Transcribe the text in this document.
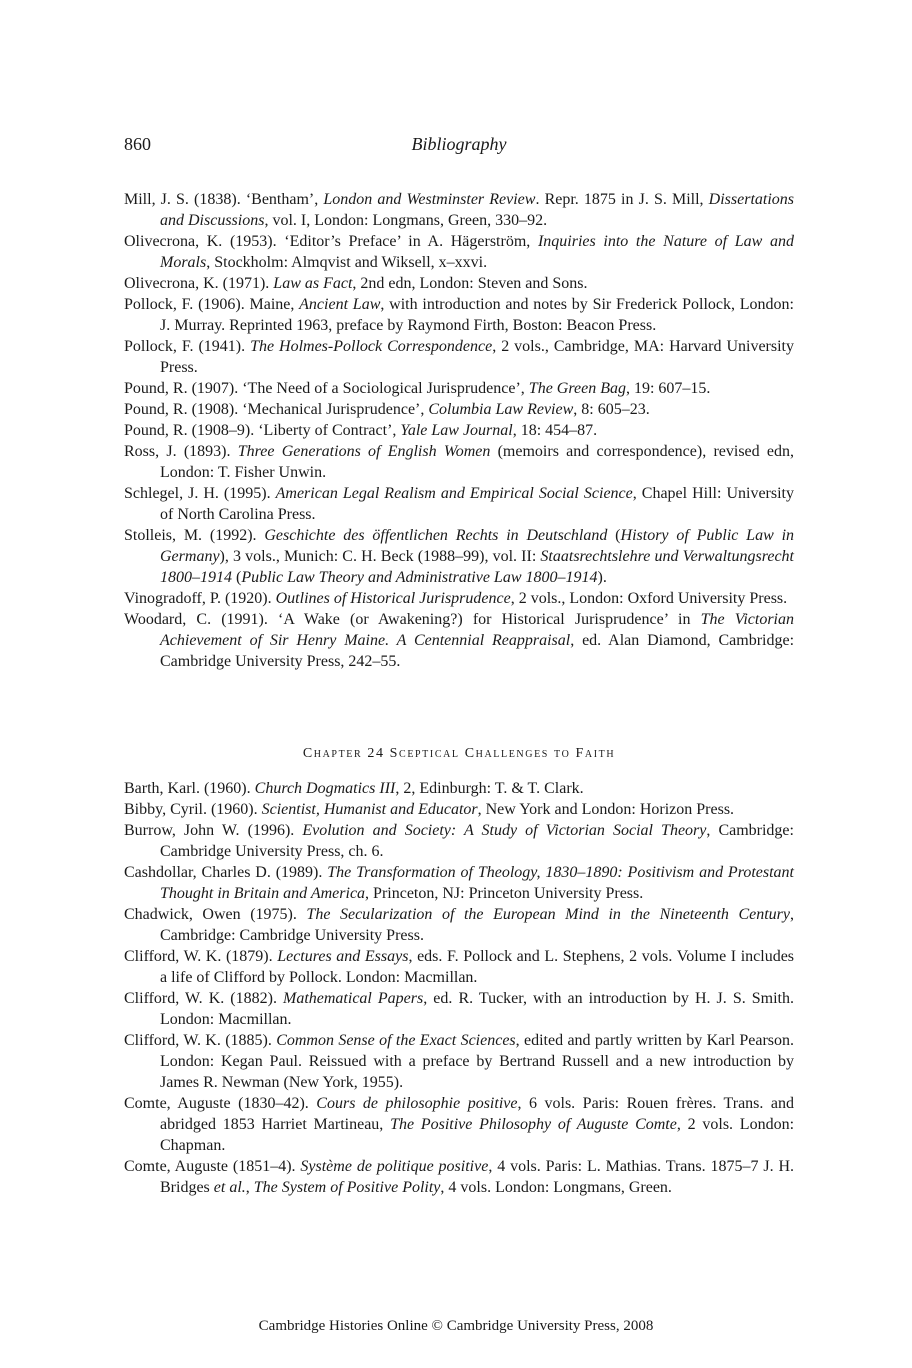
860	Bibliography
Mill, J. S. (1838). ‘Bentham’, London and Westminster Review. Repr. 1875 in J. S. Mill, Dissertations and Discussions, vol. I, London: Longmans, Green, 330–92.
Olivecrona, K. (1953). ‘Editor’s Preface’ in A. Hägerström, Inquiries into the Nature of Law and Morals, Stockholm: Almqvist and Wiksell, x–xxvi.
Olivecrona, K. (1971). Law as Fact, 2nd edn, London: Steven and Sons.
Pollock, F. (1906). Maine, Ancient Law, with introduction and notes by Sir Frederick Pollock, London: J. Murray. Reprinted 1963, preface by Raymond Firth, Boston: Beacon Press.
Pollock, F. (1941). The Holmes-Pollock Correspondence, 2 vols., Cambridge, MA: Harvard University Press.
Pound, R. (1907). ‘The Need of a Sociological Jurisprudence’, The Green Bag, 19: 607–15.
Pound, R. (1908). ‘Mechanical Jurisprudence’, Columbia Law Review, 8: 605–23.
Pound, R. (1908–9). ‘Liberty of Contract’, Yale Law Journal, 18: 454–87.
Ross, J. (1893). Three Generations of English Women (memoirs and correspondence), revised edn, London: T. Fisher Unwin.
Schlegel, J. H. (1995). American Legal Realism and Empirical Social Science, Chapel Hill: University of North Carolina Press.
Stolleis, M. (1992). Geschichte des öffentlichen Rechts in Deutschland (History of Public Law in Germany), 3 vols., Munich: C. H. Beck (1988–99), vol. II: Staatsrechtslehre und Verwaltungsrecht 1800–1914 (Public Law Theory and Administrative Law 1800–1914).
Vinogradoff, P. (1920). Outlines of Historical Jurisprudence, 2 vols., London: Oxford University Press.
Woodard, C. (1991). ‘A Wake (or Awakening?) for Historical Jurisprudence’ in The Victorian Achievement of Sir Henry Maine. A Centennial Reappraisal, ed. Alan Diamond, Cambridge: Cambridge University Press, 242–55.
Chapter 24 Sceptical Challenges to Faith
Barth, Karl. (1960). Church Dogmatics III, 2, Edinburgh: T. & T. Clark.
Bibby, Cyril. (1960). Scientist, Humanist and Educator, New York and London: Horizon Press.
Burrow, John W. (1996). Evolution and Society: A Study of Victorian Social Theory, Cambridge: Cambridge University Press, ch. 6.
Cashdollar, Charles D. (1989). The Transformation of Theology, 1830–1890: Positivism and Protestant Thought in Britain and America, Princeton, NJ: Princeton University Press.
Chadwick, Owen (1975). The Secularization of the European Mind in the Nineteenth Century, Cambridge: Cambridge University Press.
Clifford, W. K. (1879). Lectures and Essays, eds. F. Pollock and L. Stephens, 2 vols. Volume I includes a life of Clifford by Pollock. London: Macmillan.
Clifford, W. K. (1882). Mathematical Papers, ed. R. Tucker, with an introduction by H. J. S. Smith. London: Macmillan.
Clifford, W. K. (1885). Common Sense of the Exact Sciences, edited and partly written by Karl Pearson. London: Kegan Paul. Reissued with a preface by Bertrand Russell and a new introduction by James R. Newman (New York, 1955).
Comte, Auguste (1830–42). Cours de philosophie positive, 6 vols. Paris: Rouen frères. Trans. and abridged 1853 Harriet Martineau, The Positive Philosophy of Auguste Comte, 2 vols. London: Chapman.
Comte, Auguste (1851–4). Système de politique positive, 4 vols. Paris: L. Mathias. Trans. 1875–7 J. H. Bridges et al., The System of Positive Polity, 4 vols. London: Longmans, Green.
Cambridge Histories Online © Cambridge University Press, 2008
